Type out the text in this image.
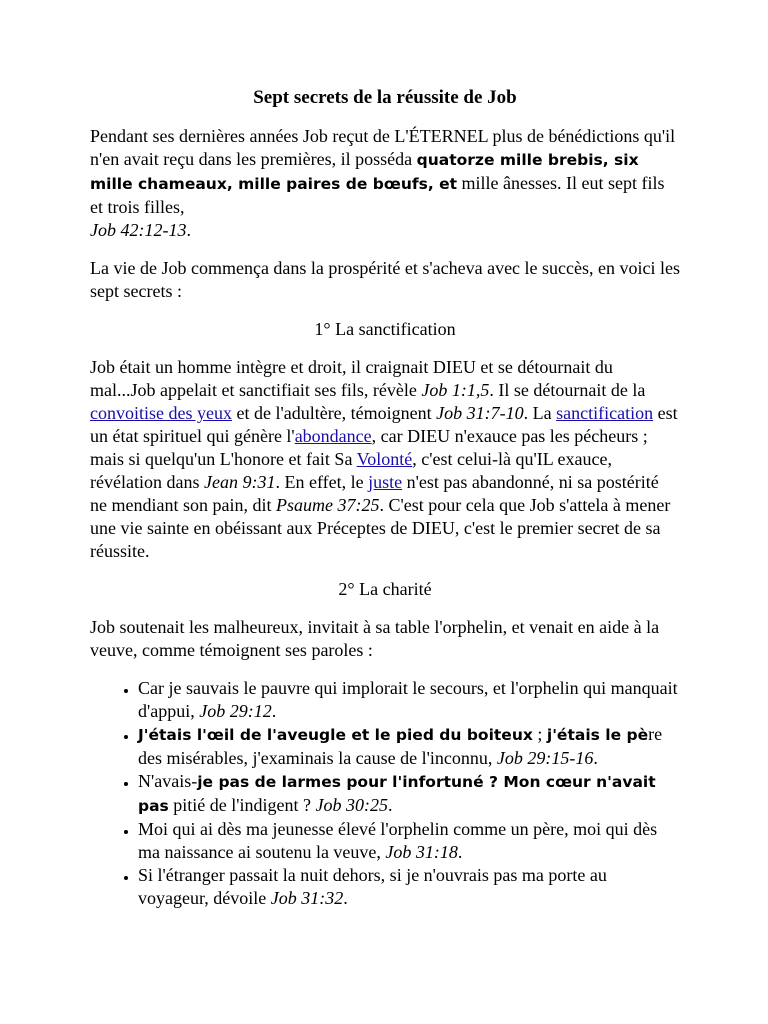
Sept secrets de la réussite de Job

Pendant ses dernières années Job reçut de L'ÉTERNEL plus de bénédictions qu'il n'en avait reçu dans les premières, il posséda quatorze mille brebis, six mille chameaux, mille paires de bœufs, et mille ânesses. Il eut sept fils et trois filles,
Job 42:12-13.

La vie de Job commença dans la prospérité et s'acheva avec le succès, en voici les sept secrets :

1° La sanctification

Job était un homme intègre et droit, il craignait DIEU et se détournait du mal...Job appelait et sanctifiait ses fils, révèle Job 1:1,5. Il se détournait de la convoitise des yeux et de l'adultère, témoignent Job 31:7-10. La sanctification est un état spirituel qui génère l'abondance, car DIEU n'exauce pas les pécheurs ; mais si quelqu'un L'honore et fait Sa Volonté, c'est celui-là qu'IL exauce, révélation dans Jean 9:31. En effet, le juste n'est pas abandonné, ni sa postérité ne mendiant son pain, dit Psaume 37:25. C'est pour cela que Job s'attela à mener une vie sainte en obéissant aux Préceptes de DIEU, c'est le premier secret de sa réussite.

2° La charité

Job soutenait les malheureux, invitait à sa table l'orphelin, et venait en aide à la veuve, comme témoignent ses paroles :

• Car je sauvais le pauvre qui implorait le secours, et l'orphelin qui manquait d'appui, Job 29:12.
• J'étais l'œil de l'aveugle et le pied du boiteux ; j'étais le père des misérables, j'examinais la cause de l'inconnu, Job 29:15-16.
• N'avais-je pas de larmes pour l'infortuné ? Mon cœur n'avait pas pitié de l'indigent ? Job 30:25.
• Moi qui ai dès ma jeunesse élevé l'orphelin comme un père, moi qui dès ma naissance ai soutenu la veuve, Job 31:18.
• Si l'étranger passait la nuit dehors, si je n'ouvrais pas ma porte au voyageur, dévoile Job 31:32.
